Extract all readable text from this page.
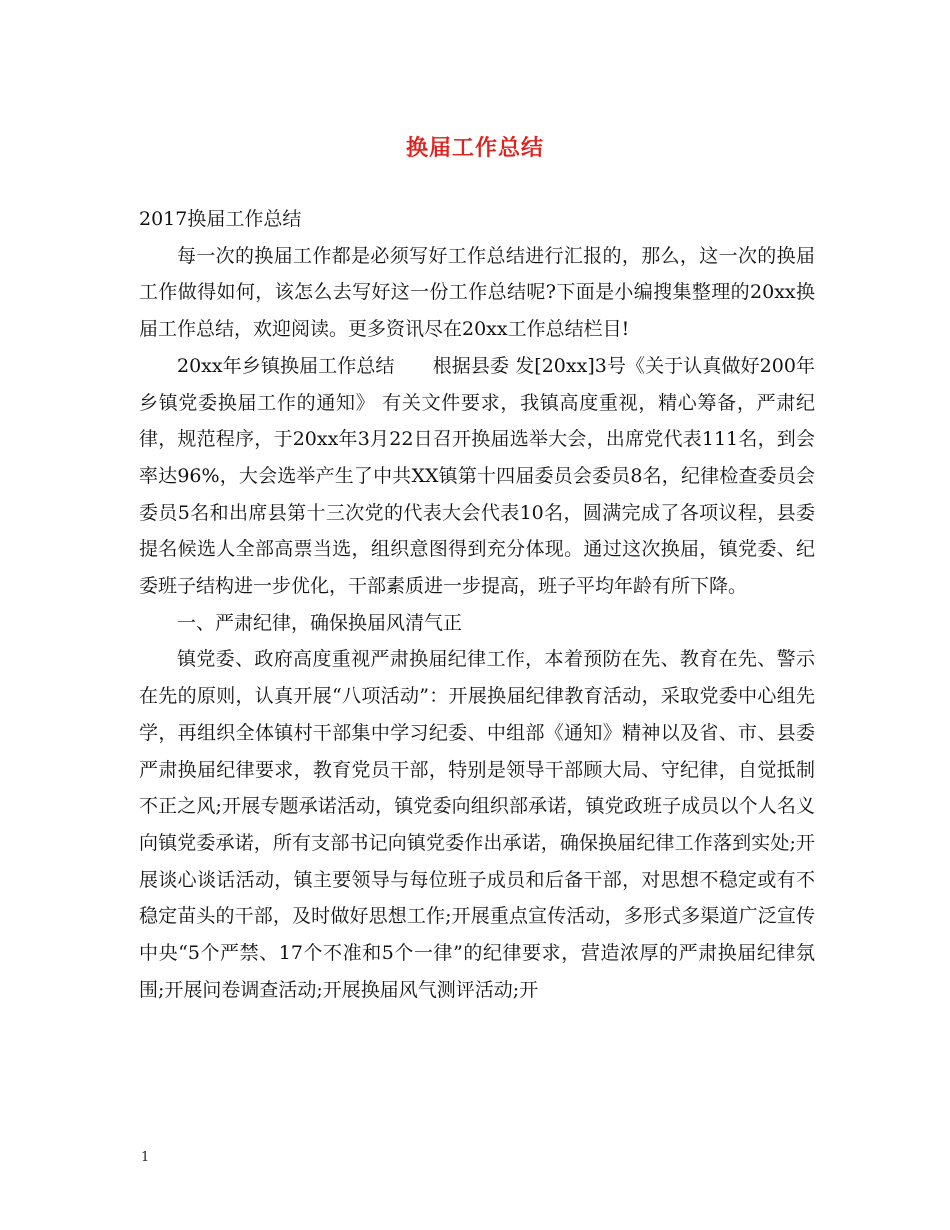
换届工作总结

2017换届工作总结

每一次的换届工作都是必须写好工作总结进行汇报的，那么，这一次的换届工作做得如何，该怎么去写好这一份工作总结呢?下面是小编搜集整理的20xx换届工作总结，欢迎阅读。更多资讯尽在20xx工作总结栏目!

20xx年乡镇换届工作总结　　根据县委 发[20xx]3号《关于认真做好200年乡镇党委换届工作的通知》 有关文件要求，我镇高度重视，精心筹备，严肃纪律，规范程序，于20xx年3月22日召开换届选举大会，出席党代表111名，到会率达96%，大会选举产生了中共XX镇第十四届委员会委员8名，纪律检查委员会委员5名和出席县第十三次党的代表大会代表10名，圆满完成了各项议程，县委提名候选人全部高票当选，组织意图得到充分体现。通过这次换届，镇党委、纪委班子结构进一步优化，干部素质进一步提高，班子平均年龄有所下降。

一、严肃纪律，确保换届风清气正

镇党委、政府高度重视严肃换届纪律工作，本着预防在先、教育在先、警示在先的原则，认真开展“八项活动”：开展换届纪律教育活动，采取党委中心组先学，再组织全体镇村干部集中学习纪委、中组部《通知》精神以及省、市、县委严肃换届纪律要求，教育党员干部，特别是领导干部顾大局、守纪律，自觉抵制不正之风;开展专题承诺活动，镇党委向组织部承诺，镇党政班子成员以个人名义向镇党委承诺，所有支部书记向镇党委作出承诺，确保换届纪律工作落到实处;开展谈心谈话活动，镇主要领导与每位班子成员和后备干部，对思想不稳定或有不稳定苗头的干部，及时做好思想工作;开展重点宣传活动，多形式多渠道广泛宣传中央“5个严禁、17个不准和5个一律”的纪律要求，营造浓厚的严肃换届纪律氛围;开展问卷调查活动;开展换届风气测评活动;开

1
